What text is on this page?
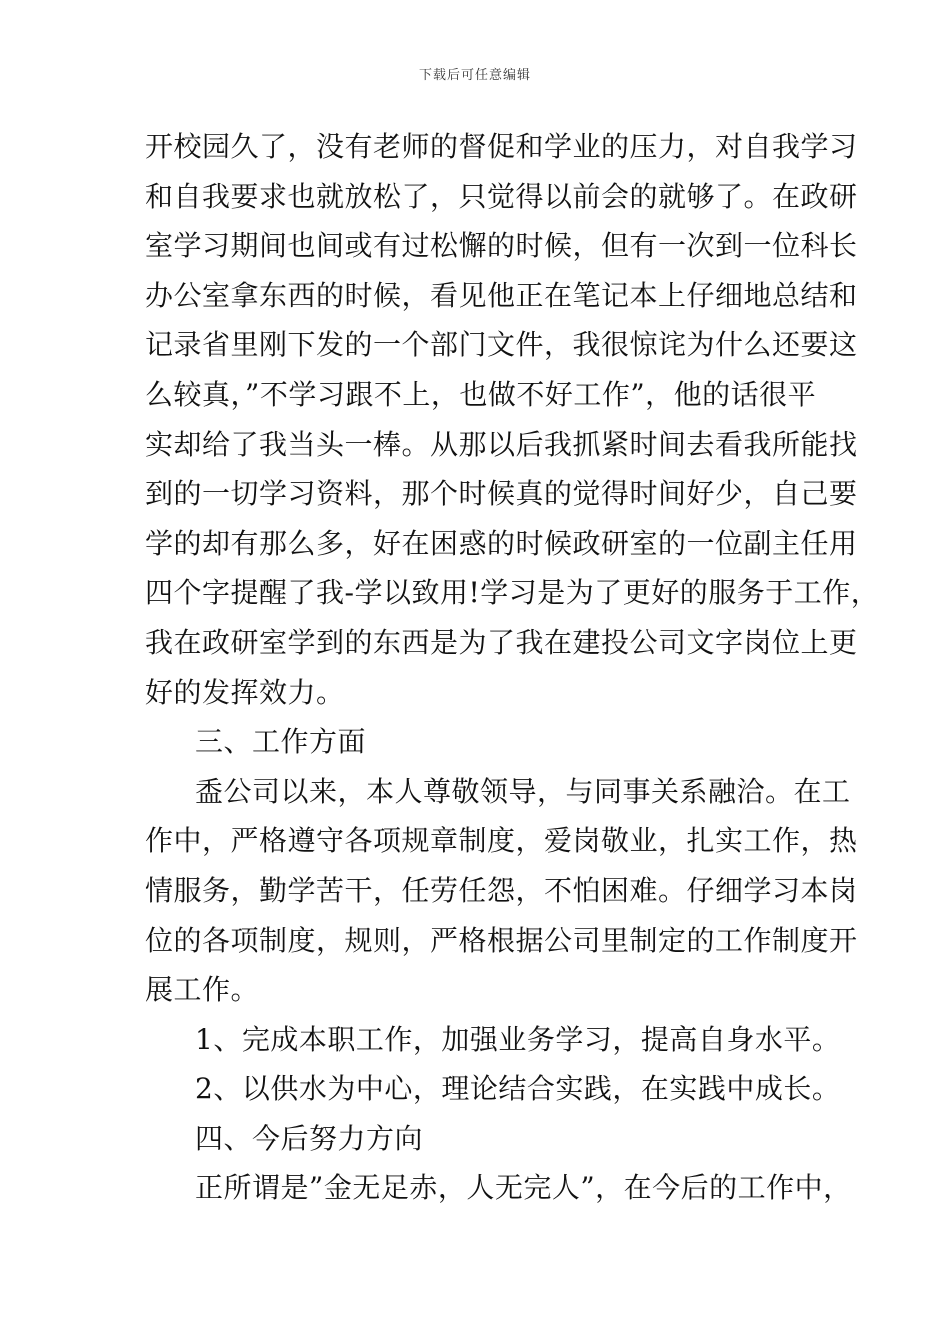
下载后可任意编辑
开校园久了，没有老师的督促和学业的压力，对自我学习
和自我要求也就放松了，只觉得以前会的就够了。在政研
室学习期间也间或有过松懈的时候，但有一次到一位科长
办公室拿东西的时候，看见他正在笔记本上仔细地总结和
记录省里刚下发的一个部门文件，我很惊诧为什么还要这
么较真，”不学习跟不上，也做不好工作”，他的话很平
实却给了我当头一棒。从那以后我抓紧时间去看我所能找
到的一切学习资料，那个时候真的觉得时间好少，自己要
学的却有那么多，好在困惑的时候政研室的一位副主任用
四个字提醒了我-学以致用!学习是为了更好的服务于工作，
我在政研室学到的东西是为了我在建投公司文字岗位上更
好的发挥效力。
三、工作方面
盉公司以来，本人尊敬领导，与同事关系融洽。在工
作中，严格遵守各项规章制度，爱岗敬业，扎实工作，热
情服务，勤学苦干，任劳任怨，不怕困难。仔细学习本岗
位的各项制度，规则，严格根据公司里制定的工作制度开
展工作。
1、完成本职工作，加强业务学习，提高自身水平。
2、以供水为中心，理论结合实践，在实践中成长。
四、今后努力方向
正所谓是”金无足赤，人无完人”，在今后的工作中，
